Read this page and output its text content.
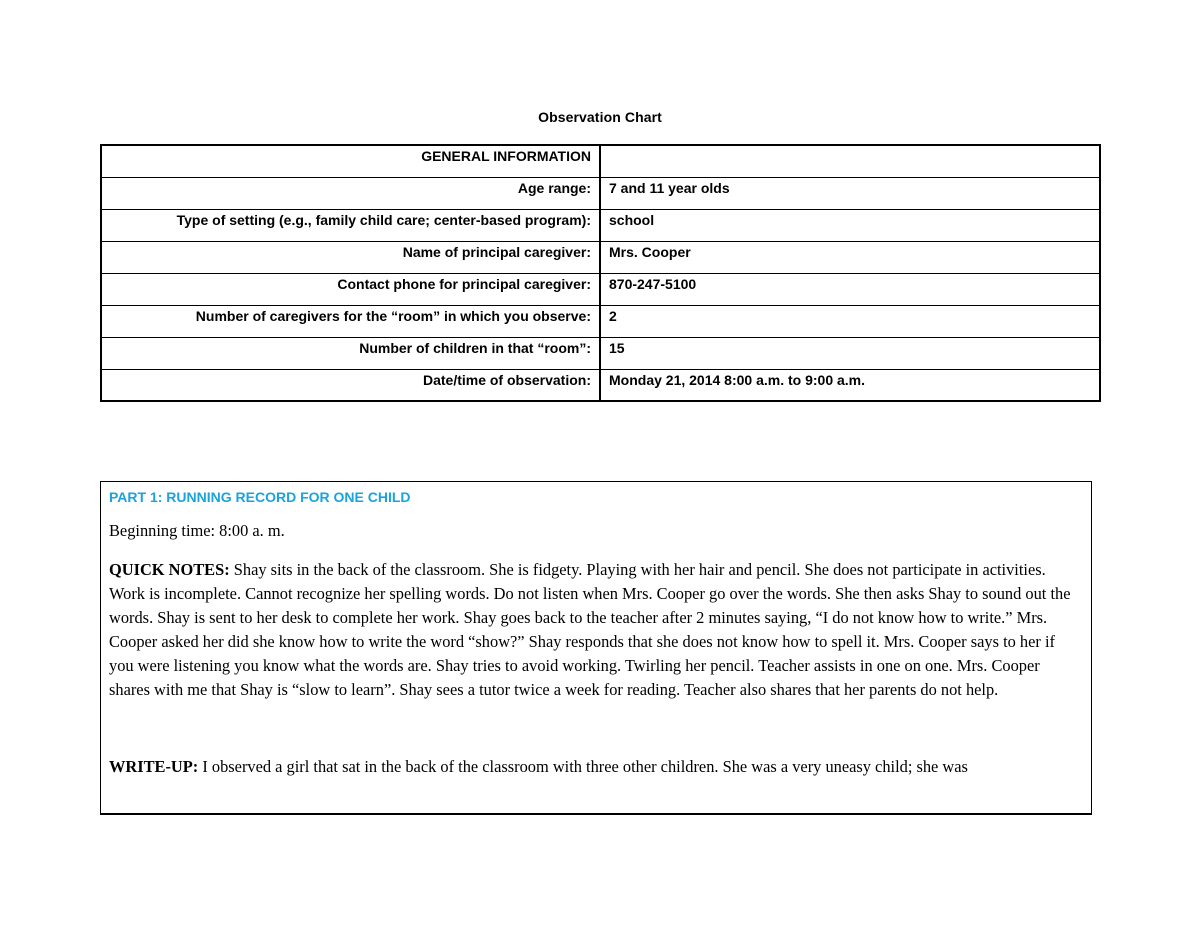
Observation Chart
GENERAL INFORMATION	
Age range:	7 and 11 year olds
Type of setting (e.g., family child care; center-based program):	school
Name of principal caregiver:	Mrs. Cooper
Contact phone for principal caregiver:	870-247-5100
Number of caregivers for the “room” in which you observe:	2
Number of children in that “room”:	15
Date/time of observation:	Monday 21, 2014 8:00 a.m. to 9:00 a.m.
PART 1: RUNNING RECORD FOR ONE CHILD

Beginning time: 8:00 a. m.

QUICK NOTES: Shay sits in the back of the classroom. She is fidgety. Playing with her hair and pencil. She does not participate in activities. Work is incomplete. Cannot recognize her spelling words. Do not listen when Mrs. Cooper go over the words. She then asks Shay to sound out the words. Shay is sent to her desk to complete her work. Shay goes back to the teacher after 2 minutes saying, “I do not know how to write.” Mrs. Cooper asked her did she know how to write the word “show?” Shay responds that she does not know how to spell it. Mrs. Cooper says to her if you were listening you know what the words are. Shay tries to avoid working. Twirling her pencil. Teacher assists in one on one. Mrs. Cooper shares with me that Shay is “slow to learn”. Shay sees a tutor twice a week for reading. Teacher also shares that her parents do not help.

WRITE-UP: I observed a girl that sat in the back of the classroom with three other children. She was a very uneasy child; she was
